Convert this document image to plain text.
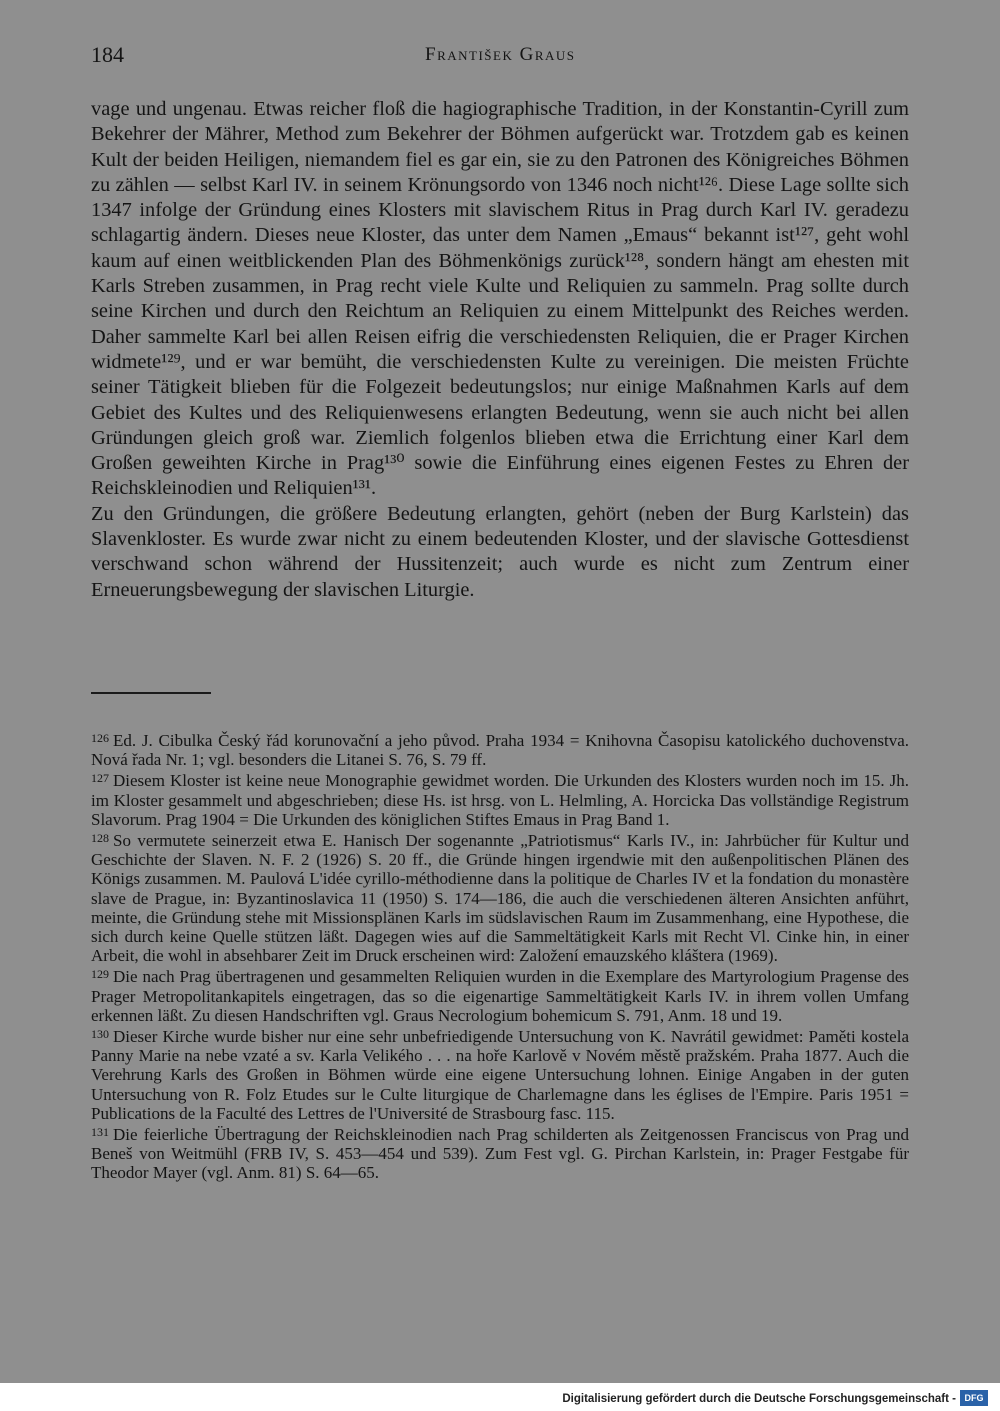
184	František Graus

vage und ungenau. Etwas reicher floß die hagiographische Tradition, in der Konstantin-Cyrill zum Bekehrer der Mährer, Method zum Bekehrer der Böhmen aufgerückt war. Trotzdem gab es keinen Kult der beiden Heiligen, niemandem fiel es gar ein, sie zu den Patronen des Königreiches Böhmen zu zählen — selbst Karl IV. in seinem Krönungsordo von 1346 noch nicht¹²⁶. Diese Lage sollte sich 1347 infolge der Gründung eines Klosters mit slavischem Ritus in Prag durch Karl IV. geradezu schlagartig ändern. Dieses neue Kloster, das unter dem Namen „Emaus“ bekannt ist¹²⁷, geht wohl kaum auf einen weitblickenden Plan des Böhmenkönigs zurück¹²⁸, sondern hängt am ehesten mit Karls Streben zusammen, in Prag recht viele Kulte und Reliquien zu sammeln. Prag sollte durch seine Kirchen und durch den Reichtum an Reliquien zu einem Mittelpunkt des Reiches werden. Daher sammelte Karl bei allen Reisen eifrig die verschiedensten Reliquien, die er Prager Kirchen widmete¹²⁹, und er war bemüht, die verschiedensten Kulte zu vereinigen. Die meisten Früchte seiner Tätigkeit blieben für die Folgezeit bedeutungslos; nur einige Maßnahmen Karls auf dem Gebiet des Kultes und des Reliquienwesens erlangten Bedeutung, wenn sie auch nicht bei allen Gründungen gleich groß war. Ziemlich folgenlos blieben etwa die Errichtung einer Karl dem Großen geweihten Kirche in Prag¹³⁰ sowie die Einführung eines eigenen Festes zu Ehren der Reichskleinodien und Reliquien¹³¹.

Zu den Gründungen, die größere Bedeutung erlangten, gehört (neben der Burg Karlstein) das Slavenkloster. Es wurde zwar nicht zu einem bedeutenden Kloster, und der slavische Gottesdienst verschwand schon während der Hussitenzeit; auch wurde es nicht zum Zentrum einer Erneuerungsbewegung der slavischen Liturgie.

$^{126}$ Ed. J. Cibulka Český řád korunovační a jeho původ. Praha 1934 = Knihovna Časopisu katolického duchovenstva. Nová řada Nr. 1; vgl. besonders die Litanei S. 76, S. 79 ff.

$^{127}$ Diesem Kloster ist keine neue Monographie gewidmet worden. Die Urkunden des Klosters wurden noch im 15. Jh. im Kloster gesammelt und abgeschrieben; diese Hs. ist hrsg. von L. Helmling, A. Horcicka Das vollständige Registrum Slavorum. Prag 1904 = Die Urkunden des königlichen Stiftes Emaus in Prag Band 1.

$^{128}$ So vermutete seinerzeit etwa E. Hanisch Der sogenannte „Patriotismus“ Karls IV., in: Jahrbücher für Kultur und Geschichte der Slaven. N. F. 2 (1926) S. 20 ff., die Gründe hingen irgendwie mit den außenpolitischen Plänen des Königs zusammen. M. Paulová L'idée cyrillo-méthodienne dans la politique de Charles IV et la fondation du monastère slave de Prague, in: Byzantinoslavica 11 (1950) S. 174—186, die auch die verschiedenen älteren Ansichten anführt, meinte, die Gründung stehe mit Missionsplänen Karls im südslavischen Raum im Zusammenhang, eine Hypothese, die sich durch keine Quelle stützen läßt. Dagegen wies auf die Sammeltätigkeit Karls mit Recht Vl. Cinke hin, in einer Arbeit, die wohl in absehbarer Zeit im Druck erscheinen wird: Založení emauzského kláštera (1969).

$^{129}$ Die nach Prag übertragenen und gesammelten Reliquien wurden in die Exemplare des Martyrologium Pragense des Prager Metropolitankapitels eingetragen, das so die eigenartige Sammeltätigkeit Karls IV. in ihrem vollen Umfang erkennen läßt. Zu diesen Handschriften vgl. Graus Necrologium bohemicum S. 791, Anm. 18 und 19.

$^{130}$ Dieser Kirche wurde bisher nur eine sehr unbefriedigende Untersuchung von K. Navrátil gewidmet: Paměti kostela Panny Marie na nebe vzaté a sv. Karla Velikého . . . na hoře Karlově v Novém městě pražském. Praha 1877. Auch die Verehrung Karls des Großen in Böhmen würde eine eigene Untersuchung lohnen. Einige Angaben in der guten Untersuchung von R. Folz Etudes sur le Culte liturgique de Charlemagne dans les églises de l'Empire. Paris 1951 = Publications de la Faculté des Lettres de l'Université de Strasbourg fasc. 115.

$^{131}$ Die feierliche Übertragung der Reichskleinodien nach Prag schilderten als Zeitgenossen Franciscus von Prag und Beneš von Weitmühl (FRB IV, S. 453—454 und 539). Zum Fest vgl. G. Pirchan Karlstein, in: Prager Festgabe für Theodor Mayer (vgl. Anm. 81) S. 64—65.

Digitalisierung gefördert durch die Deutsche Forschungsgemeinschaft - DFG
